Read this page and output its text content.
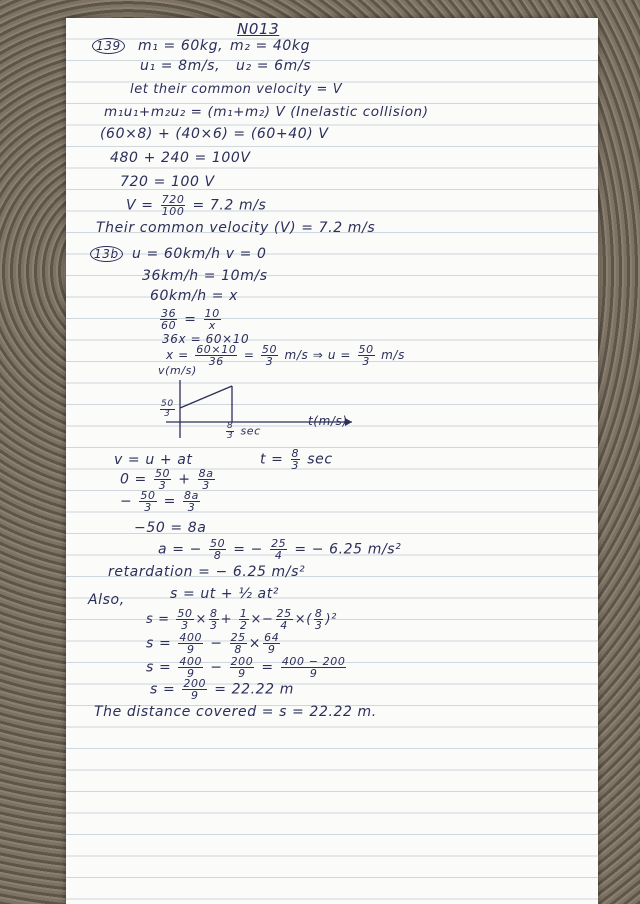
N013
139 m₁ = 60kg, m₂ = 40kg
u₁ = 8m/s, u₂ = 6m/s
let their common velocity = V
m₁u₁+m₂u₂ = (m₁+m₂) V (Inelastic collision)
(60×8) + (40×6) = (60+40) V
480 + 240 = 100V
720 = 100 V
$V = \frac{720}{100} = 7.2$ m/s
Their common velocity (V) = 7.2 m/s
13b u = 60km/h v = 0
36km/h = 10m/s
60km/h = x
$\frac{36}{60} = \frac{10}{x}$
36x = 60×10
$x = \frac{60\times 10}{36} = \frac{50}{3} m/s$ ⇒ $u = \frac{50}{3} m/s$
v(m/s)
$\frac{50}{3}$
t(m/s)
$\frac{8}{3}$ sec
v = u + at	$t = \frac{8}{3}$ sec
$0 = \frac{50}{3} + \frac{8a}{3}$
− $\frac{50}{3} = \frac{8a}{3}$
−50 = 8a
a = − $\frac{50}{8}$ = − $\frac{25}{4}$ = − 6.25 m/s²
retardation = − 6.25 m/s²
Also,	s = ut + ½ at²
$s = \frac{50}{3} \times \frac{8}{3} + \frac{1}{2} \times- \frac{25}{4}$ ×( $\frac{8}{3} )^2$
$s = \frac{400}{9} - \frac{25}{8} \times \frac{64}{9}$
$s = \frac{400}{9} - \frac{200}{9} = \frac{400 - 200}{9}$
$s = \frac{200}{9} = 22.22$ m
The distance covered = s = 22.22 m.
